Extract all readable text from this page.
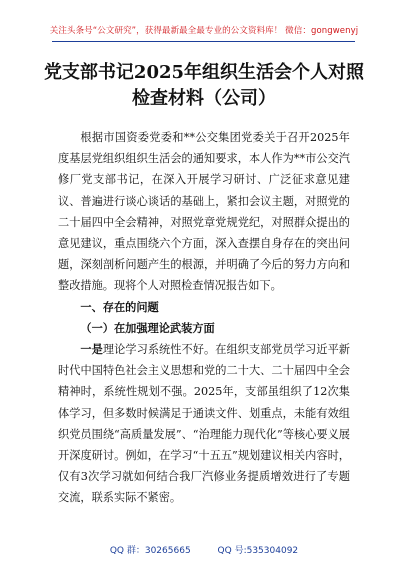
关注头条号“公文研究”，获得最新最全最专业的公文资料库！ 微信：gongwenyj
党支部书记2025年组织生活会个人对照
检查材料（公司）

根据市国资委党委和**公交集团党委关于召开2025年度基层党组织组织生活会的通知要求，本人作为**市公交汽修厂党支部书记，在深入开展学习研讨、广泛征求意见建议、普遍进行谈心谈话的基础上，紧扣会议主题，对照党的二十届四中全会精神，对照党章党规党纪，对照群众提出的意见建议，重点围绕六个方面，深入查摆自身存在的突出问题，深刻剖析问题产生的根源，并明确了今后的努力方向和整改措施。现将个人对照检查情况报告如下。

一、存在的问题

（一）在加强理论武装方面

一是理论学习系统性不好。在组织支部党员学习近平新时代中国特色社会主义思想和党的二十大、二十届四中全会精神时，系统性规划不强。2025年，支部虽组织了12次集体学习，但多数时候满足于通读文件、划重点，未能有效组织党员围绕“高质量发展”、“治理能力现代化”等核心要义展开深度研讨。例如，在学习“十五五”规划建议相关内容时，仅有3次学习就如何结合我厂汽修业务提质增效进行了专题交流，联系实际不紧密。

QQ 群：30265665	QQ 号:535304092
